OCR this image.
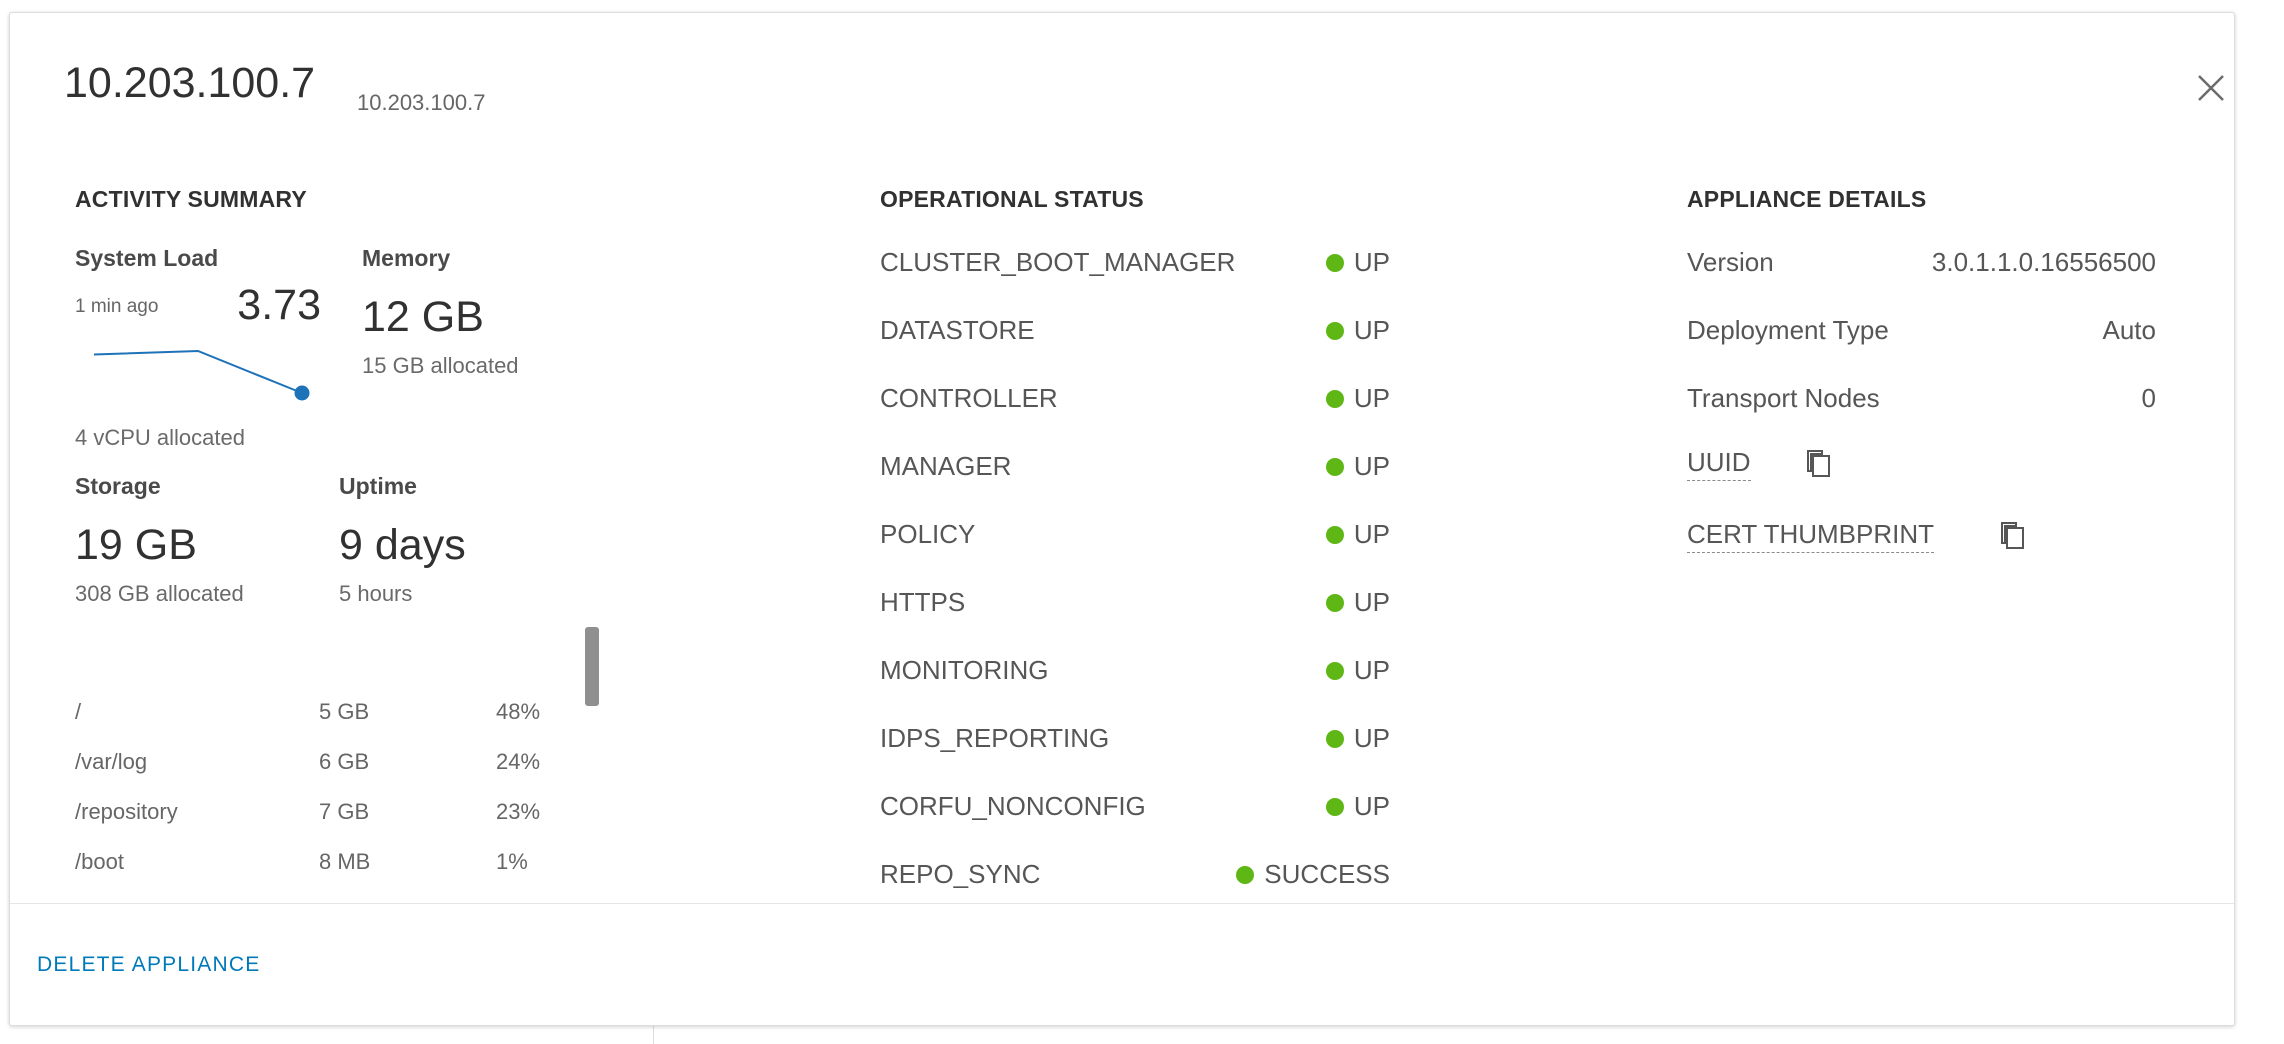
10.203.100.7 10.203.100.7
ACTIVITY SUMMARY
System Load
1 min ago 3.73
4 vCPU allocated
Memory
12 GB
15 GB allocated
Storage
19 GB
308 GB allocated
Uptime
9 days
5 hours
/	5 GB	48%
/var/log	6 GB	24%
/repository	7 GB	23%
/boot	8 MB	1%
OPERATIONAL STATUS
CLUSTER_BOOT_MANAGER	UP
DATASTORE	UP
CONTROLLER	UP
MANAGER	UP
POLICY	UP
HTTPS	UP
MONITORING	UP
IDPS_REPORTING	UP
CORFU_NONCONFIG	UP
REPO_SYNC	SUCCESS
APPLIANCE DETAILS
Version	3.0.1.1.0.16556500
Deployment Type	Auto
Transport Nodes	0
UUID
CERT THUMBPRINT
DELETE APPLIANCE
